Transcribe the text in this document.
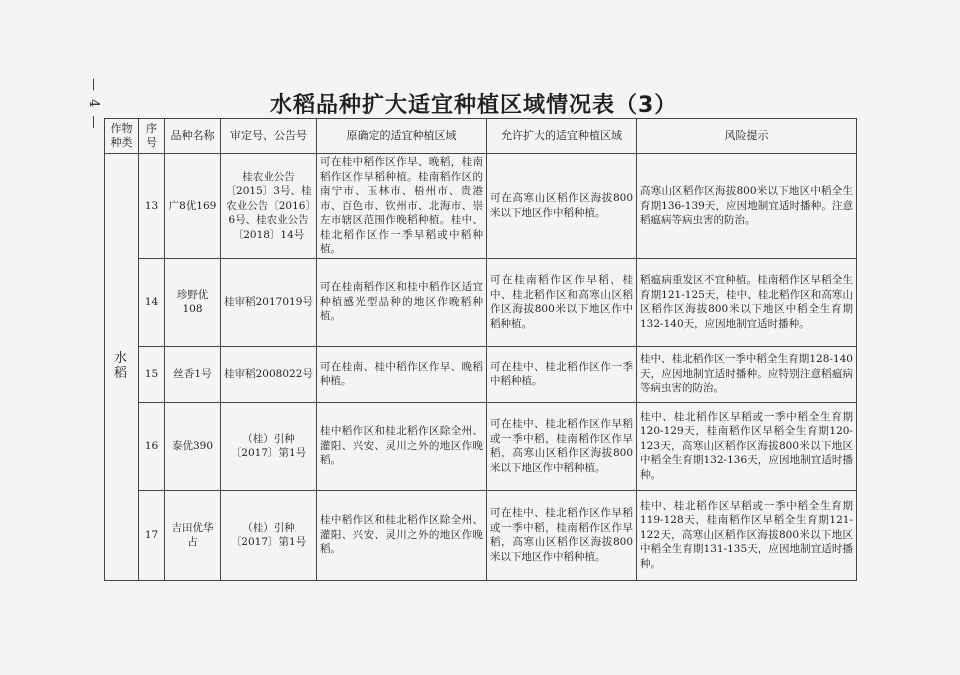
— 4 —	水稻品种扩大适宜种植区域情况表（3）
作物种类	序号	品种名称	审定号、公告号	原确定的适宜种植区域	允许扩大的适宜种植区域	风险提示
水稻	13	广8优169	桂农业公告〔2015〕3号、桂农业公告〔2016〕6号、桂农业公告〔2018〕14号	可在桂中稻作区作早、晚稻，桂南稻作区作早稻种植。桂南稻作区的南宁市、玉林市、梧州市、贵港市、百色市、钦州市、北海市、崇左市辖区范围作晚稻种植。桂中、桂北稻作区作一季早稻或中稻种植。	可在高寒山区稻作区海拔800米以下地区作中稻种植。	高寒山区稻作区海拔800米以下地区中稻全生育期136-139天，应因地制宜适时播种。注意稻瘟病等病虫害的防治。
	14	珍野优108	桂审稻2017019号	可在桂南稻作区和桂中稻作区适宜种植感光型品种的地区作晚稻种植。	可在桂南稻作区作早稻，桂中、桂北稻作区和高寒山区稻作区海拔800米以下地区作中稻种植。	稻瘟病重发区不宜种植。桂南稻作区早稻全生育期121-125天，桂中、桂北稻作区和高寒山区稻作区海拔800米以下地区中稻全生育期132-140天，应因地制宜适时播种。
	15	丝香1号	桂审稻2008022号	可在桂南、桂中稻作区作早、晚稻种植。	可在桂中、桂北稻作区作一季中稻种植。	桂中、桂北稻作区一季中稻全生育期128-140天，应因地制宜适时播种。应特别注意稻瘟病等病虫害的防治。
	16	泰优390	（桂）引种〔2017〕第1号	桂中稻作区和桂北稻作区除全州、灌阳、兴安、灵川之外的地区作晚稻。	可在桂中、桂北稻作区作早稻或一季中稻，桂南稻作区作早稻，高寒山区稻作区海拔800米以下地区作中稻种植。	桂中、桂北稻作区早稻或一季中稻全生育期120-129天，桂南稻作区早稻全生育期120-123天，高寒山区稻作区海拔800米以下地区中稻全生育期132-136天，应因地制宜适时播种。
	17	吉田优华占	（桂）引种〔2017〕第1号	桂中稻作区和桂北稻作区除全州、灌阳、兴安、灵川之外的地区作晚稻。	可在桂中、桂北稻作区作早稻或一季中稻，桂南稻作区作早稻，高寒山区稻作区海拔800米以下地区作中稻种植。	桂中、桂北稻作区早稻或一季中稻全生育期119-128天，桂南稻作区早稻全生育期121-122天，高寒山区稻作区海拔800米以下地区中稻全生育期131-135天，应因地制宜适时播种。
